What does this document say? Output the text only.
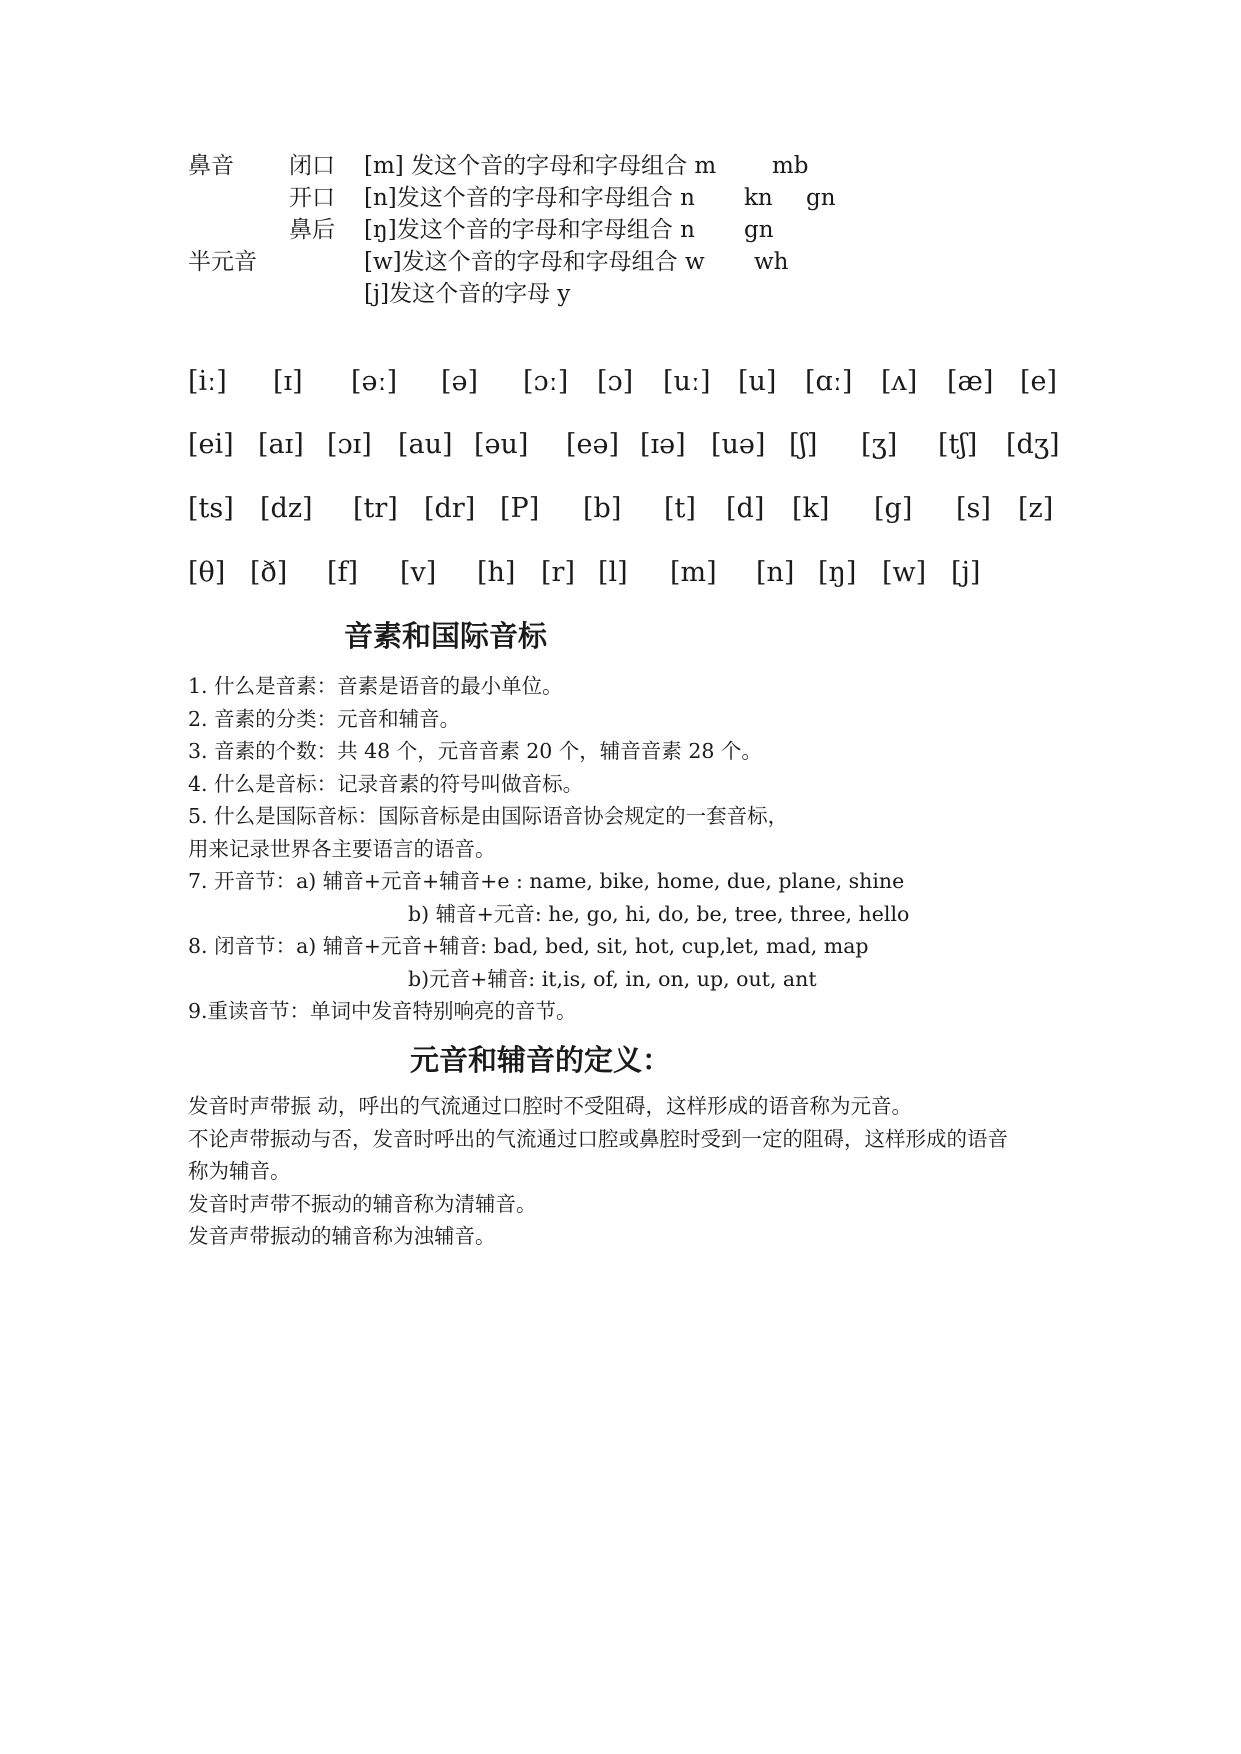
鼻音 闭口 [m] 发这个音的字母和字母组合 m mb
开口 [n]发这个音的字母和字母组合 n kn gn
鼻后 [ŋ]发这个音的字母和字母组合 n gn
半元音	[w]发这个音的字母和字母组合 w wh
[j]发这个音的字母 y
[iː] [ɪ] [əː] [ə] [ɔː] [ɔ] [uː] [u] [ɑː] [ʌ] [æ] [e]
[ei] [aɪ] [ɔɪ] [au] [əu] [eə] [ɪə] [uə] [ʃ] [ʒ] [tʃ] [dʒ]
[ts] [dz] [tr] [dr] [P] [b] [t] [d] [k] [g] [s] [z]
[θ] [ð] [f] [v] [h] [r] [l] [m] [n] [ŋ] [w] [j]
音素和国际音标
1. 什么是音素：音素是语音的最小单位。
2. 音素的分类：元音和辅音。
3. 音素的个数：共 48 个，元音音素 20 个，辅音音素 28 个。
4. 什么是音标：记录音素的符号叫做音标。
5. 什么是国际音标：国际音标是由国际语音协会规定的一套音标，
用来记录世界各主要语言的语音。
7. 开音节：a) 辅音+元音+辅音+e : name, bike, home, due, plane, shine
b) 辅音+元音: he, go, hi, do, be, tree, three, hello
8. 闭音节：a) 辅音+元音+辅音: bad, bed, sit, hot, cup,let, mad, map
b)元音+辅音: it,is, of, in, on, up, out, ant
9.重读音节：单词中发音特别响亮的音节。
元音和辅音的定义：
发音时声带振 动，呼出的气流通过口腔时不受阻碍，这样形成的语音称为元音。
不论声带振动与否，发音时呼出的气流通过口腔或鼻腔时受到一定的阻碍，这样形成的语音
称为辅音。
发音时声带不振动的辅音称为清辅音。
发音声带振动的辅音称为浊辅音。
